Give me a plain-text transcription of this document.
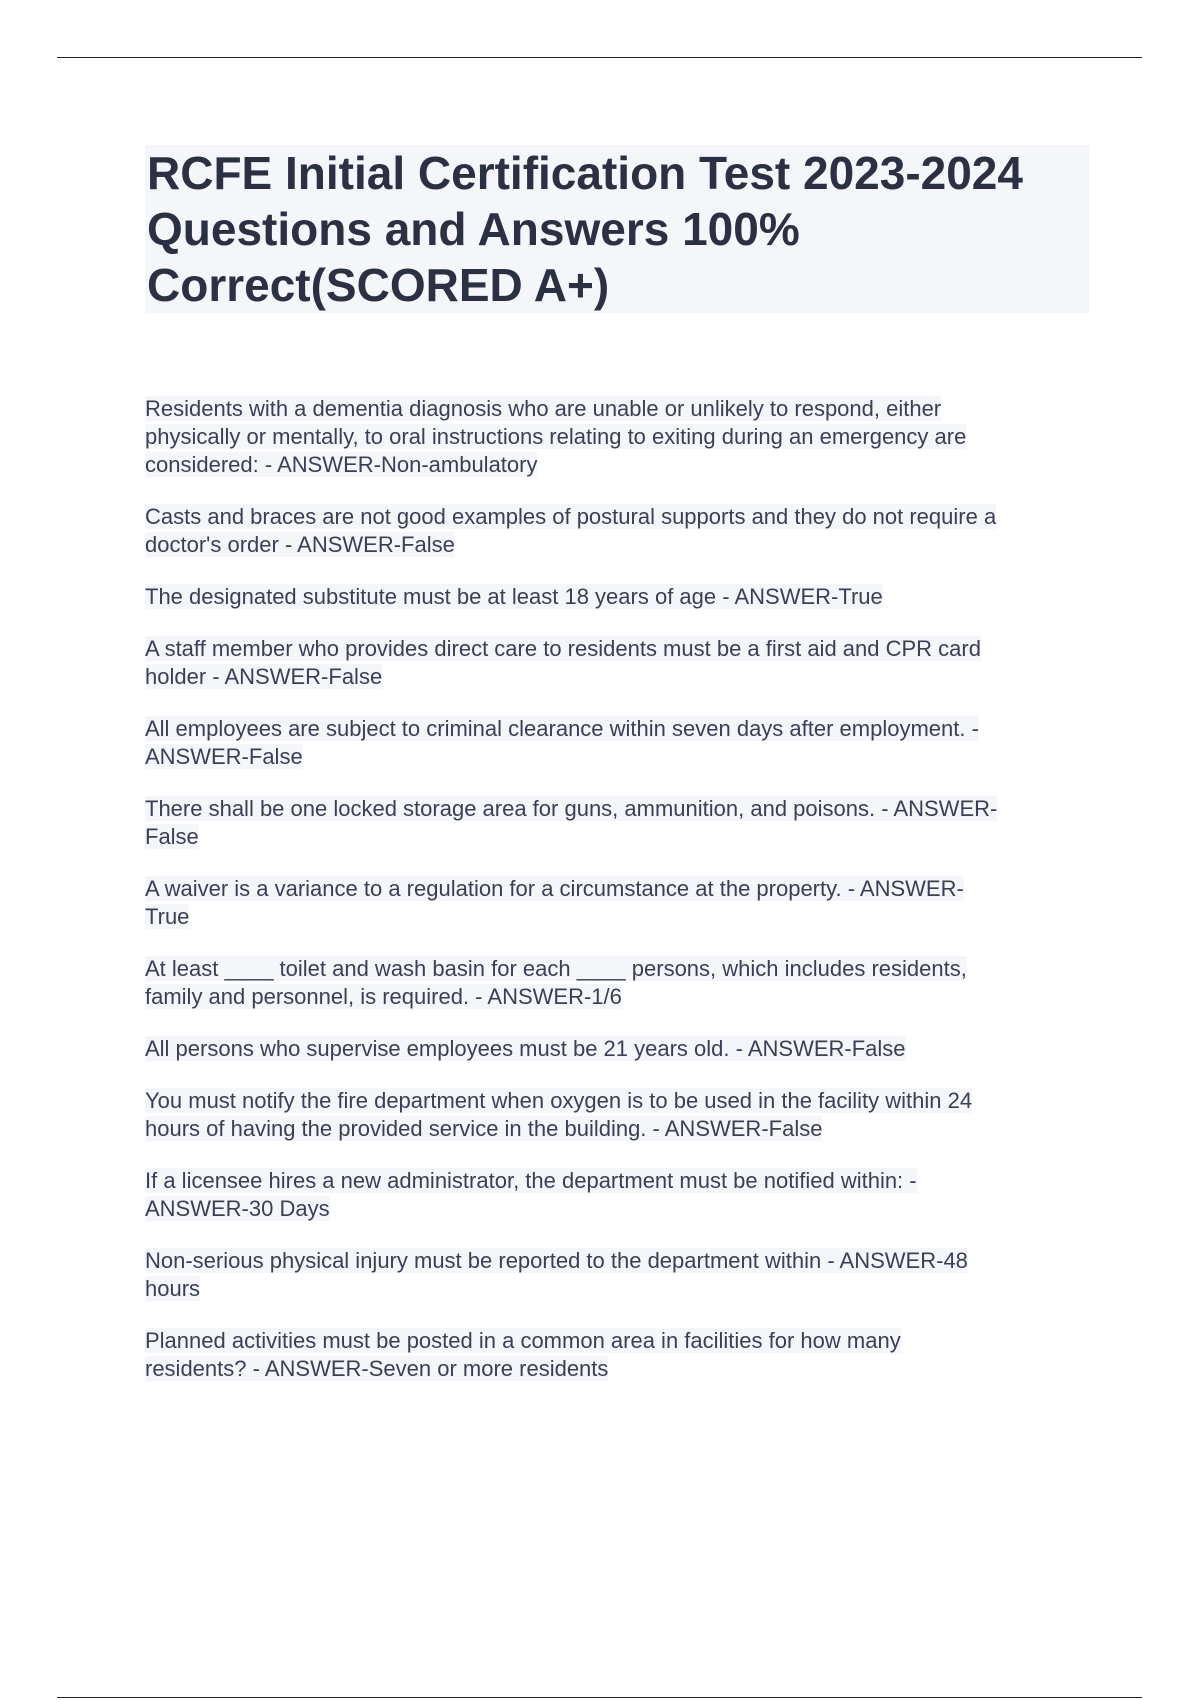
RCFE Initial Certification Test 2023-2024
Questions and Answers 100%
Correct(SCORED A+)
Residents with a dementia diagnosis who are unable or unlikely to respond, either
physically or mentally, to oral instructions relating to exiting during an emergency are
considered: - ANSWER-Non-ambulatory
Casts and braces are not good examples of postural supports and they do not require a
doctor's order - ANSWER-False
The designated substitute must be at least 18 years of age - ANSWER-True
A staff member who provides direct care to residents must be a first aid and CPR card
holder - ANSWER-False
All employees are subject to criminal clearance within seven days after employment. -
ANSWER-False
There shall be one locked storage area for guns, ammunition, and poisons. - ANSWER-
False
A waiver is a variance to a regulation for a circumstance at the property. - ANSWER-
True
At least ____ toilet and wash basin for each ____ persons, which includes residents,
family and personnel, is required. - ANSWER-1/6
All persons who supervise employees must be 21 years old. - ANSWER-False
You must notify the fire department when oxygen is to be used in the facility within 24
hours of having the provided service in the building. - ANSWER-False
If a licensee hires a new administrator, the department must be notified within: -
ANSWER-30 Days
Non-serious physical injury must be reported to the department within - ANSWER-48
hours
Planned activities must be posted in a common area in facilities for how many
residents? - ANSWER-Seven or more residents
